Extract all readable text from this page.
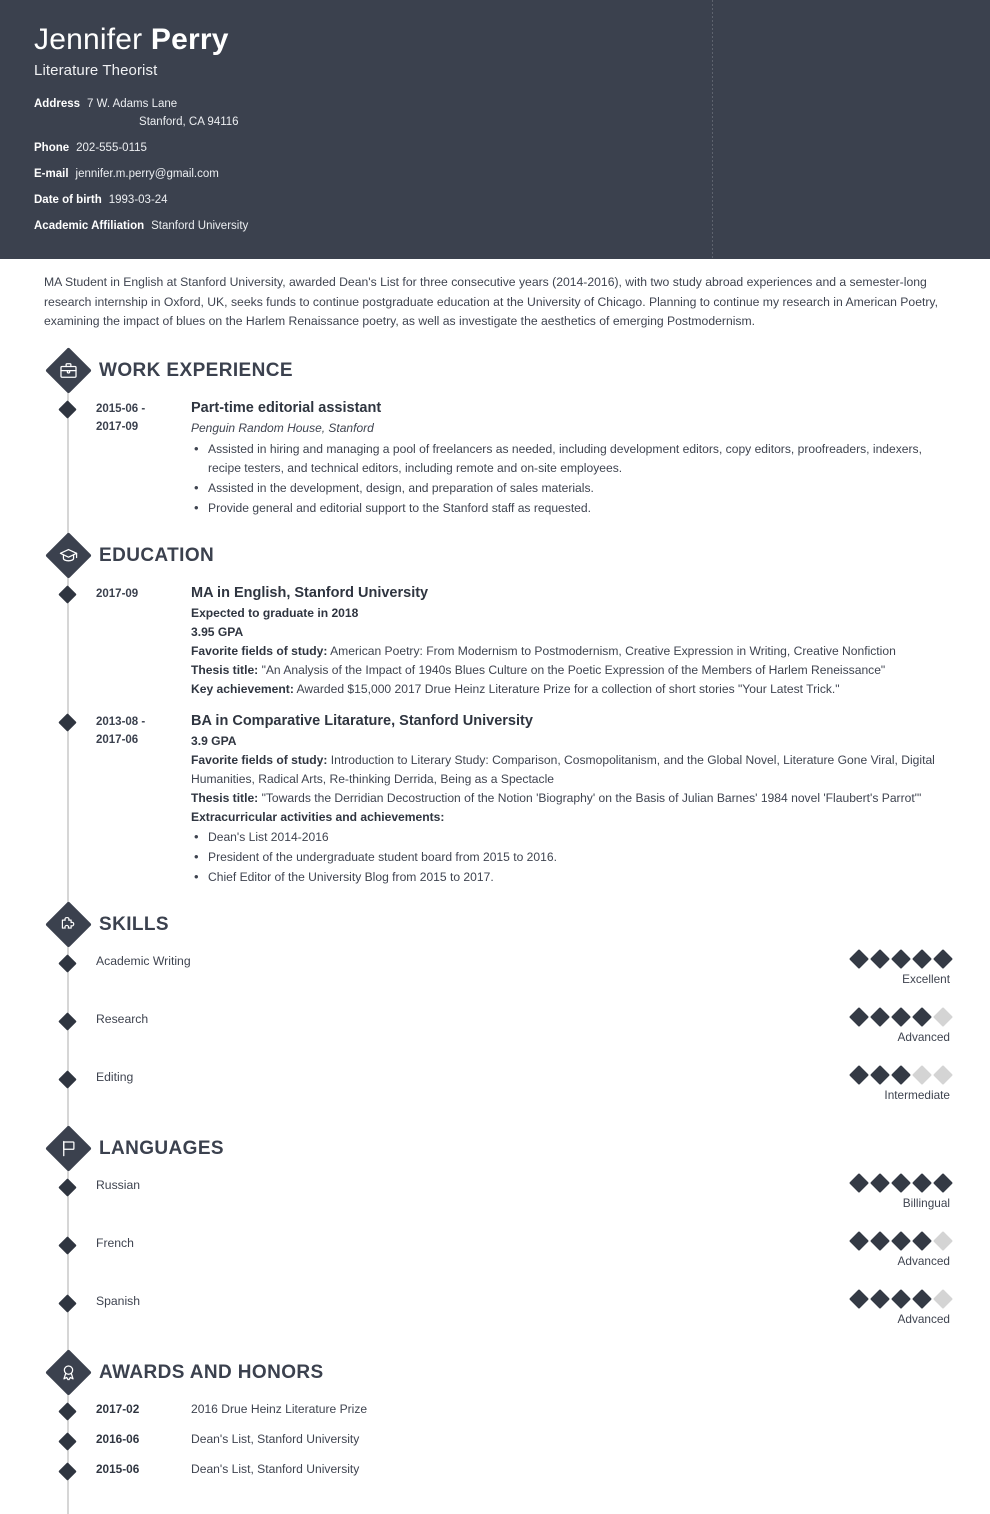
Jennifer Perry
Literature Theorist
Address 7 W. Adams Lane
Stanford, CA 94116
Phone 202-555-0115
E-mail jennifer.m.perry@gmail.com
Date of birth 1993-03-24
Academic Affiliation Stanford University
MA Student in English at Stanford University, awarded Dean's List for three consecutive years (2014-2016), with two study abroad experiences and a semester-long research internship in Oxford, UK, seeks funds to continue postgraduate education at the University of Chicago. Planning to continue my research in American Poetry, examining the impact of blues on the Harlem Renaissance poetry, as well as investigate the aesthetics of emerging Postmodernism.
WORK EXPERIENCE
2015-06 -
2017-09
Part-time editorial assistant
Penguin Random House, Stanford
• Assisted in hiring and managing a pool of freelancers as needed, including development editors, copy editors, proofreaders, indexers, recipe testers, and technical editors, including remote and on-site employees.
• Assisted in the development, design, and preparation of sales materials.
• Provide general and editorial support to the Stanford staff as requested.
EDUCATION
2017-09	MA in English, Stanford University
Expected to graduate in 2018
3.95 GPA
Favorite fields of study: American Poetry: From Modernism to Postmodernism, Creative Expression in Writing, Creative Nonfiction
Thesis title: "An Analysis of the Impact of 1940s Blues Culture on the Poetic Expression of the Members of Harlem Reneissance"
Key achievement: Awarded $15,000 2017 Drue Heinz Literature Prize for a collection of short stories "Your Latest Trick."
2013-08 -
2017-06
BA in Comparative Litarature, Stanford University
3.9 GPA
Favorite fields of study: Introduction to Literary Study: Comparison, Cosmopolitanism, and the Global Novel, Literature Gone Viral, Digital Humanities, Radical Arts, Re-thinking Derrida, Being as a Spectacle
Thesis title: "Towards the Derridian Decostruction of the Notion 'Biography' on the Basis of Julian Barnes' 1984 novel 'Flaubert's Parrot'"
Extracurricular activities and achievements:
• Dean's List 2014-2016
• President of the undergraduate student board from 2015 to 2016.
• Chief Editor of the University Blog from 2015 to 2017.
SKILLS
Academic Writing
Excellent
Research
Advanced
Editing
Intermediate
LANGUAGES
Russian
Billingual
French
Advanced
Spanish
Advanced
AWARDS AND HONORS
2017-02	2016 Drue Heinz Literature Prize
2016-06	Dean's List, Stanford University
2015-06	Dean's List, Stanford University
